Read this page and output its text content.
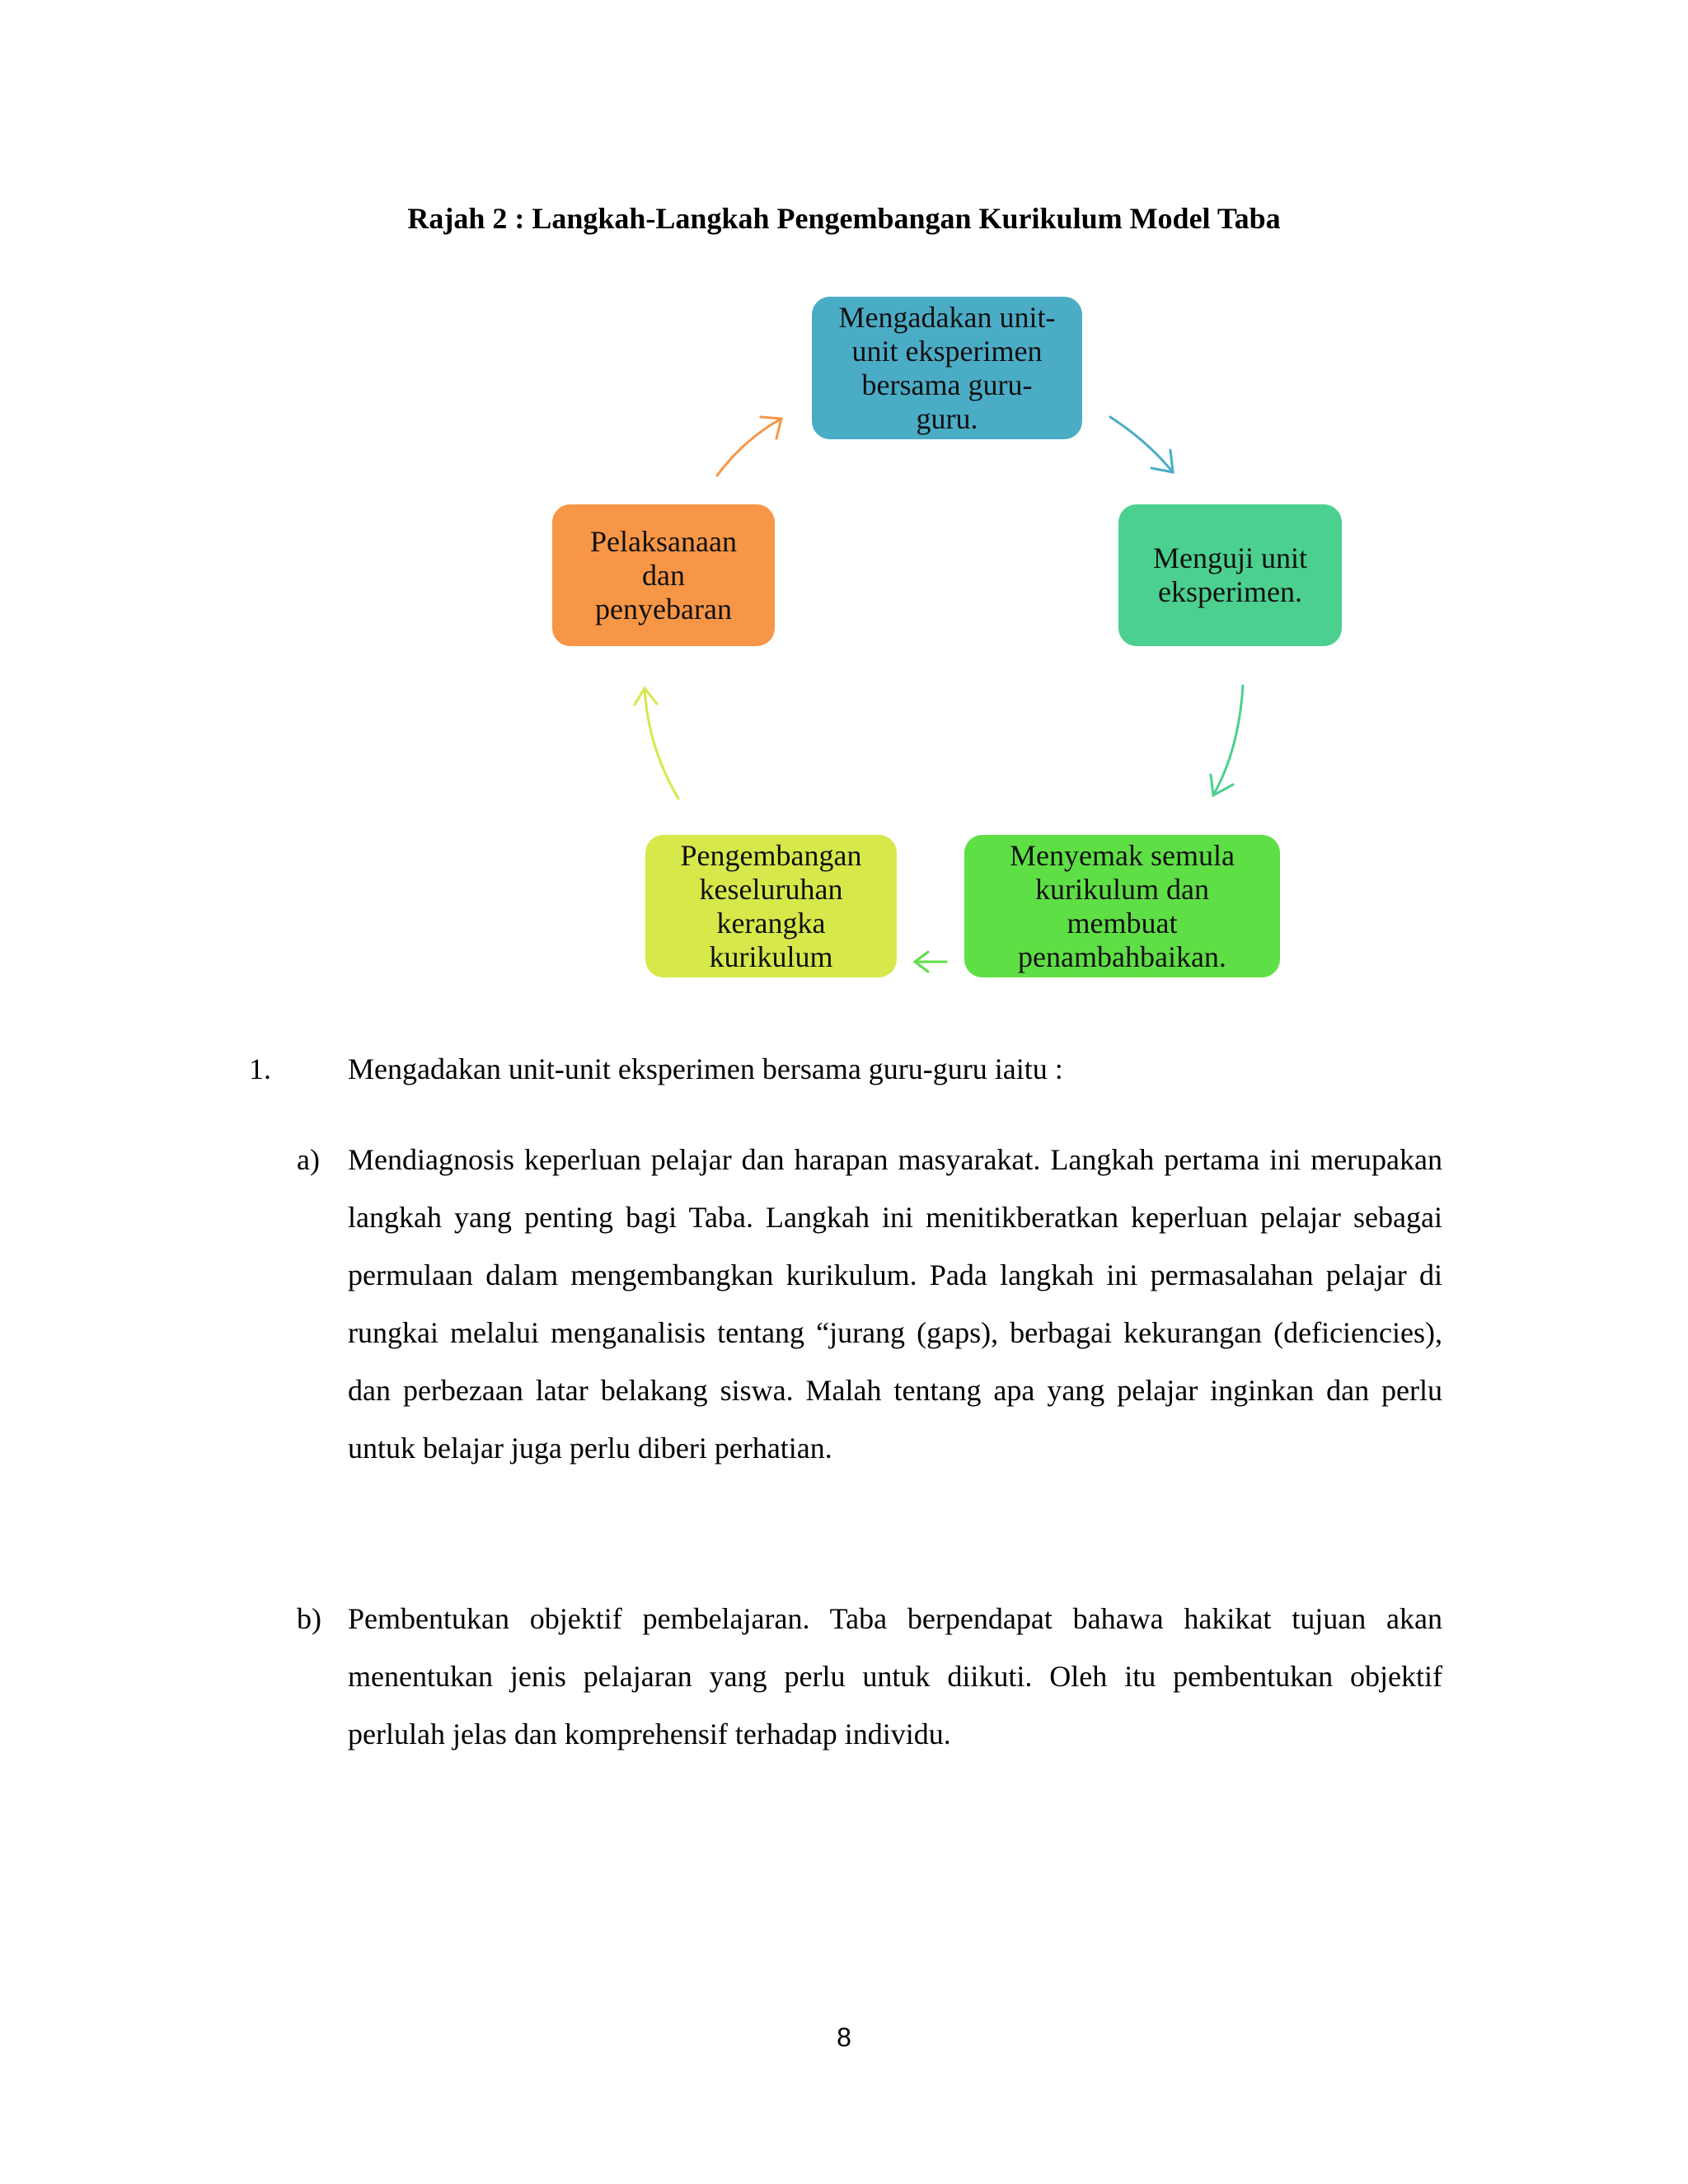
Rajah 2 : Langkah-Langkah Pengembangan Kurikulum Model Taba
Mengadakan unit-
unit eksperimen
bersama guru-
guru.
Menguji unit
eksperimen.
Menyemak semula
kurikulum dan
membuat
penambahbaikan.
Pengembangan
keseluruhan
kerangka
kurikulum
Pelaksanaan
dan
penyebaran
1.	Mengadakan unit-unit eksperimen bersama guru-guru iaitu :
a) Mendiagnosis keperluan pelajar dan harapan masyarakat. Langkah pertama ini merupakan langkah yang penting bagi Taba. Langkah ini menitikberatkan keperluan pelajar sebagai permulaan dalam mengembangkan kurikulum. Pada langkah ini permasalahan pelajar di rungkai melalui menganalisis tentang “jurang (gaps), berbagai kekurangan (deficiencies), dan perbezaan latar belakang siswa. Malah tentang apa yang pelajar inginkan dan perlu untuk belajar juga perlu diberi perhatian.
b) Pembentukan objektif pembelajaran. Taba berpendapat bahawa hakikat tujuan akan menentukan jenis pelajaran yang perlu untuk diikuti. Oleh itu pembentukan objektif perlulah jelas dan komprehensif terhadap individu.
8
